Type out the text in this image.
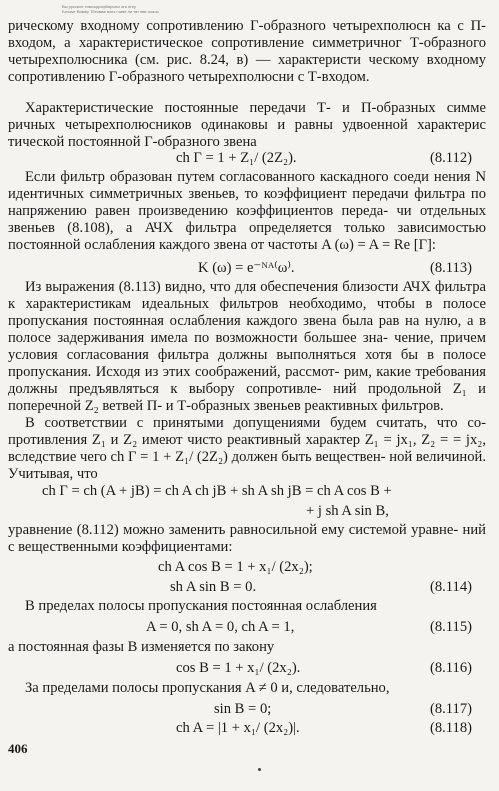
Вы руссиле тимооррхфбирсеьг его нгеу
Бичомт Вимвр Тбтимве влез гчиве ли твт нвв ооаоо

рическому входному сопротивлению Г-образного четырехполюсн ка с П-входом, а характеристическое сопротивление симметричног Т-образного четырехполюсника (см. рис. 8.24, в) — характеристи ческому входному сопротивлению Г-образного четырехполюсни с Т-входом.

Характеристические постоянные передачи Т- и П-образных симме ричных четырехполюсников одинаковы и равны удвоенной характерис тической постоянной Г-образного звена

ch Г = 1 + Z₁/ (2Z₂).	(8.112)

Если фильтр образован путем согласованного каскадного соеди нения N идентичных симметричных звеньев, то коэффициент передачи фильтра по напряжению равен произведению коэффициентов переда- чи отдельных звеньев (8.108), а АЧХ фильтра определяется только зависимостью постоянной ослабления каждого звена от частоты A (ω) = A = Re [Г]:

K (ω) = e⁻ᴺᴬ⁽ω⁾.	(8.113)

Из выражения (8.113) видно, что для обеспечения близости АЧХ фильтра к характеристикам идеальных фильтров необходимо, чтобы в полосе пропускания постоянная ослабления каждого звена была рав на нулю, а в полосе задерживания имела по возможности большее зна- чение, причем условия согласования фильтра должны выполняться хотя бы в полосе пропускания. Исходя из этих соображений, рассмот- рим, какие требования должны предъявляться к выбору сопротивле- ний продольной Z₁ и поперечной Z₂ ветвей П- и Т-образных звеньев реактивных фильтров.

В соответствии с принятыми допущениями будем считать, что со- противления Z₁ и Z₂ имеют чисто реактивный характер Z₁ = jx₁, Z₂ = = jx₂, вследствие чего ch Г = 1 + Z₁/ (2Z₂) должен быть веществен- ной величиной. Учитывая, что

ch Г = ch (A + jB) = ch A ch jB + sh A sh jB = ch A cos B +
+ j sh A sin B,

уравнение (8.112) можно заменить равносильной ему системой уравне- ний с вещественными коэффициентами:

ch A cos B = 1 + x₁/ (2x₂);
sh A sin B = 0.	(8.114)

В пределах полосы пропускания постоянная ослабления

A = 0, sh A = 0, ch A = 1,	(8.115)

а постоянная фазы B изменяется по закону

cos B = 1 + x₁/ (2x₂).	(8.116)

За пределами полосы пропускания A ≠ 0 и, следовательно,

sin B = 0;	(8.117)
ch A = |1 + x₁/ (2x₂)|.	(8.118)
406
